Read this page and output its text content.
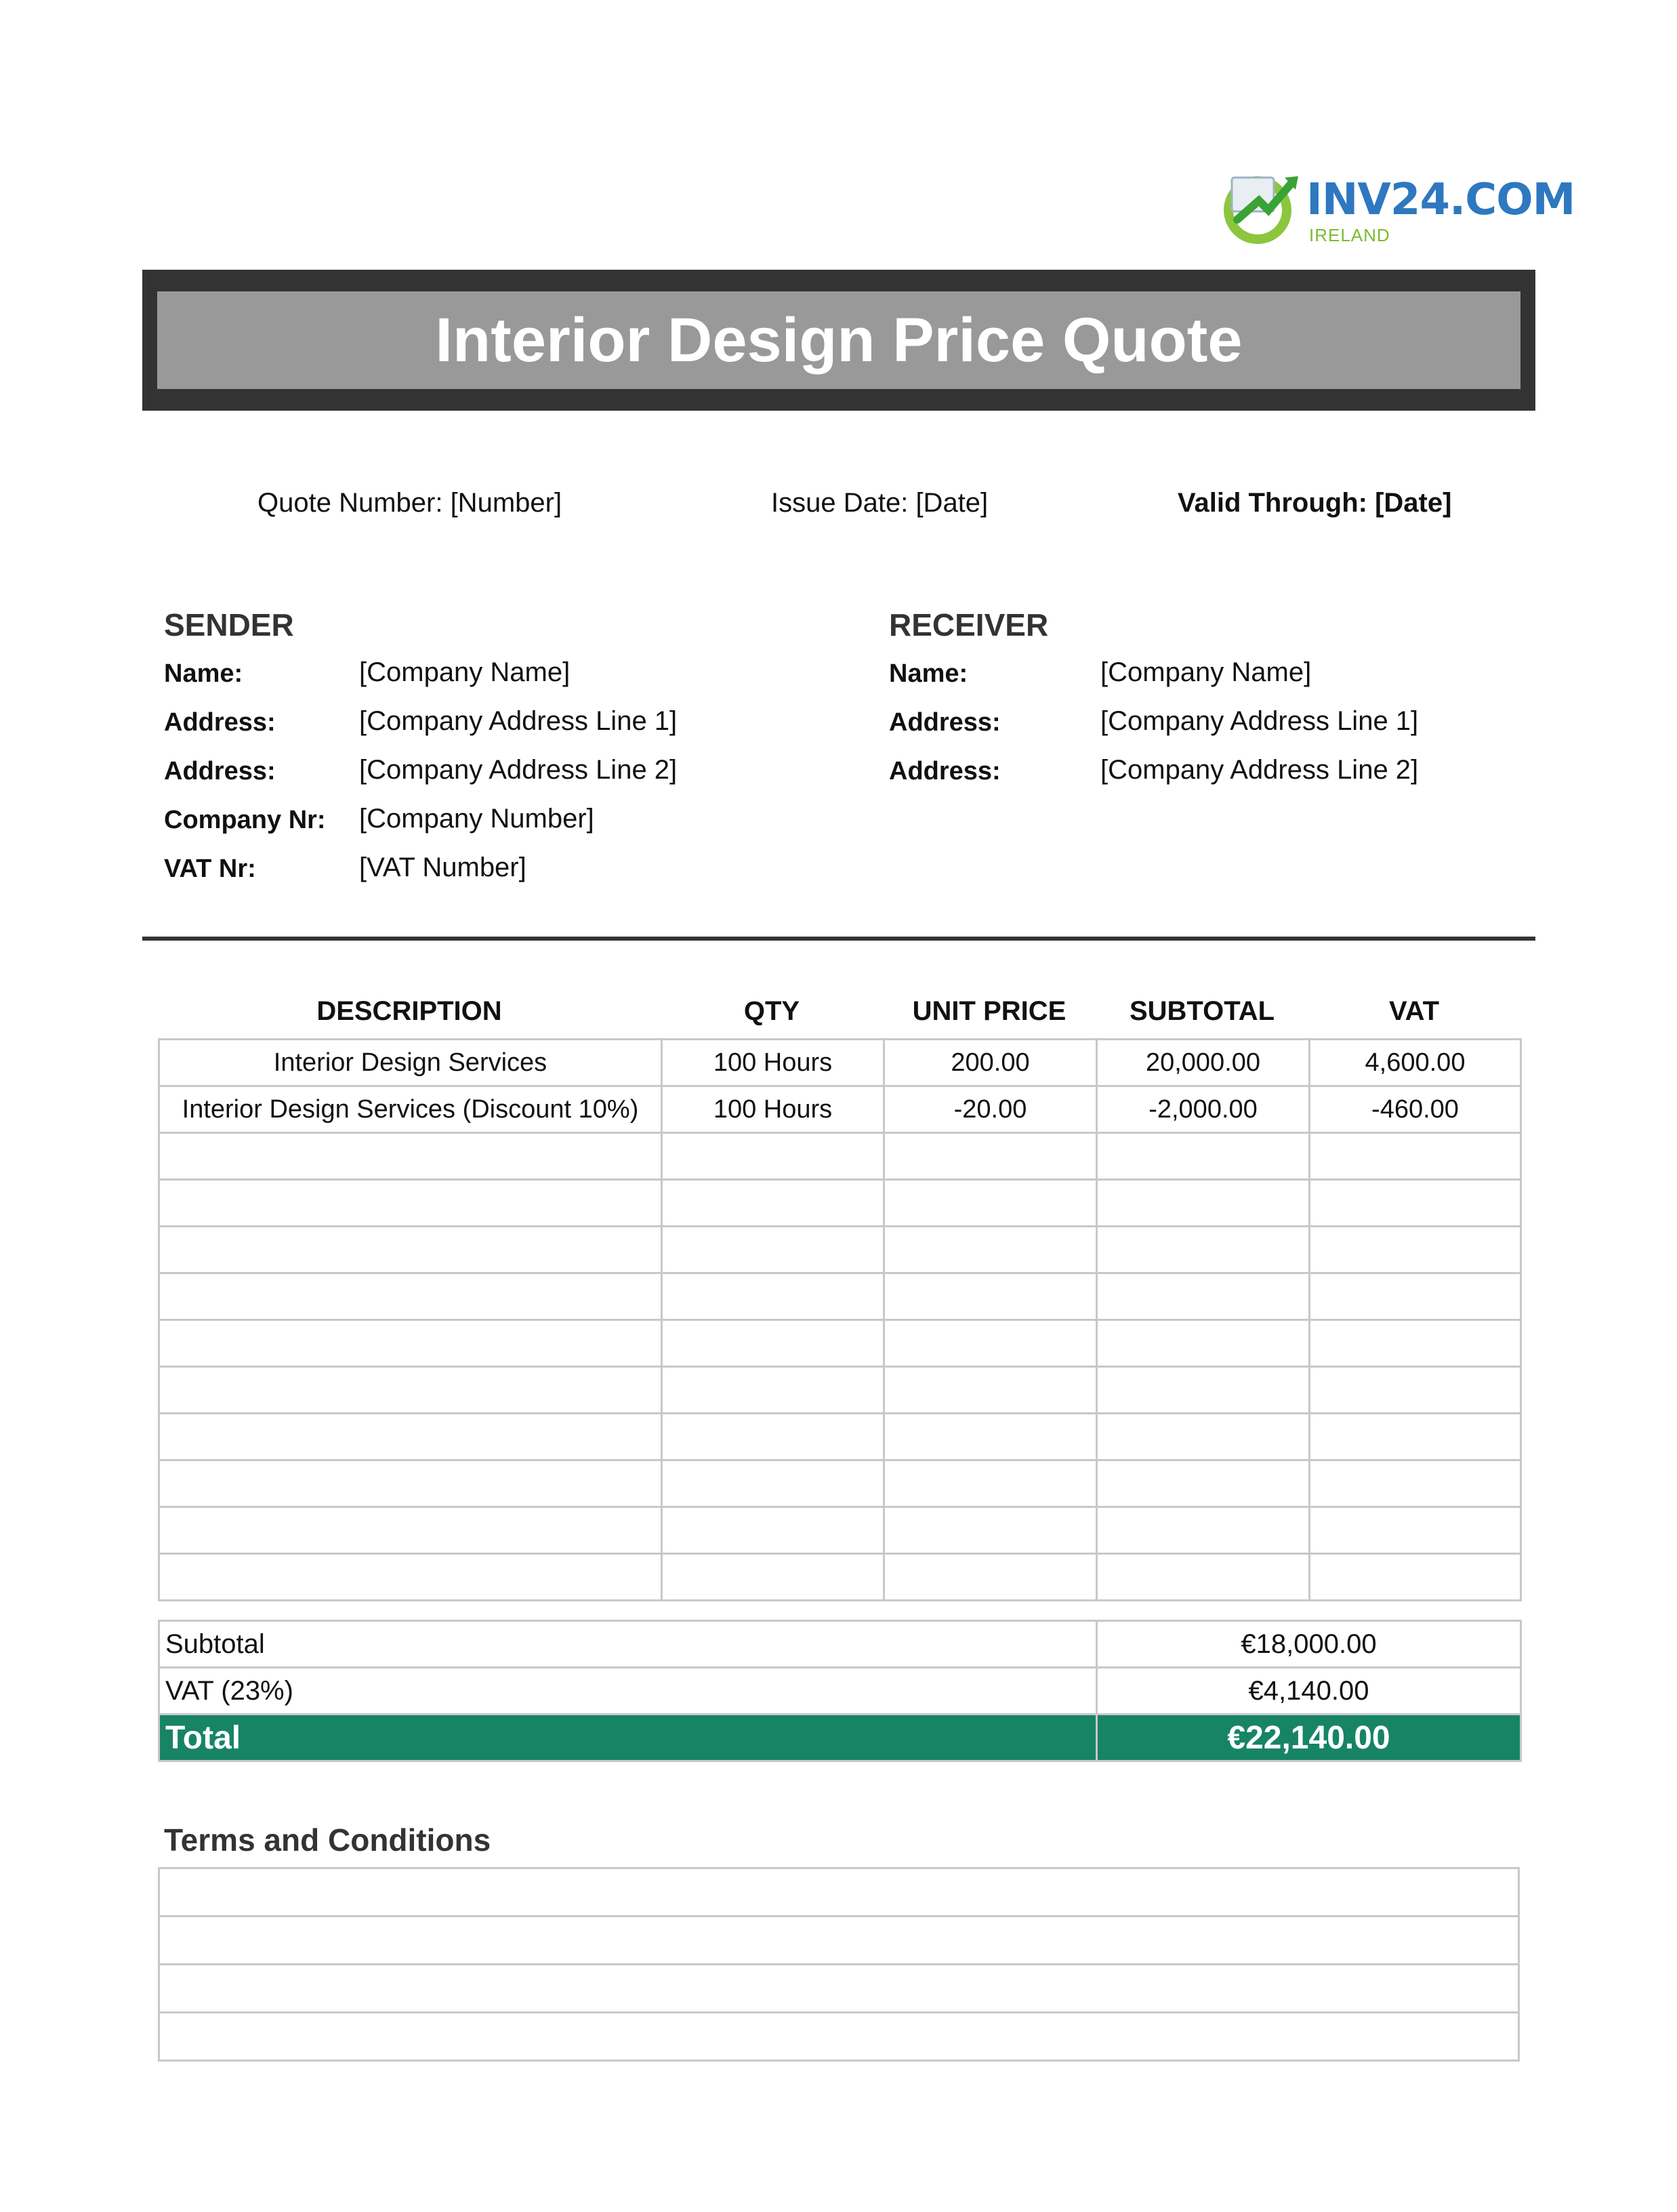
INV24.COM
IRELAND
Interior Design Price Quote
Quote Number: [Number]	Issue Date: [Date]	Valid Through: [Date]
SENDER
Name:	[Company Name]
Address:	[Company Address Line 1]
Address:	[Company Address Line 2]
Company Nr: [Company Number]
VAT Nr:	[VAT Number]
RECEIVER
Name:	[Company Name]
Address:	[Company Address Line 1]
Address:	[Company Address Line 2]
DESCRIPTION	QTY	UNIT PRICE	SUBTOTAL	VAT
Interior Design Services	100 Hours	200.00	20,000.00	4,600.00
Interior Design Services (Discount 10%)	100 Hours	-20.00	-2,000.00	-460.00

Subtotal	€18,000.00
VAT (23%)	€4,140.00
Total	€22,140.00
Terms and Conditions
